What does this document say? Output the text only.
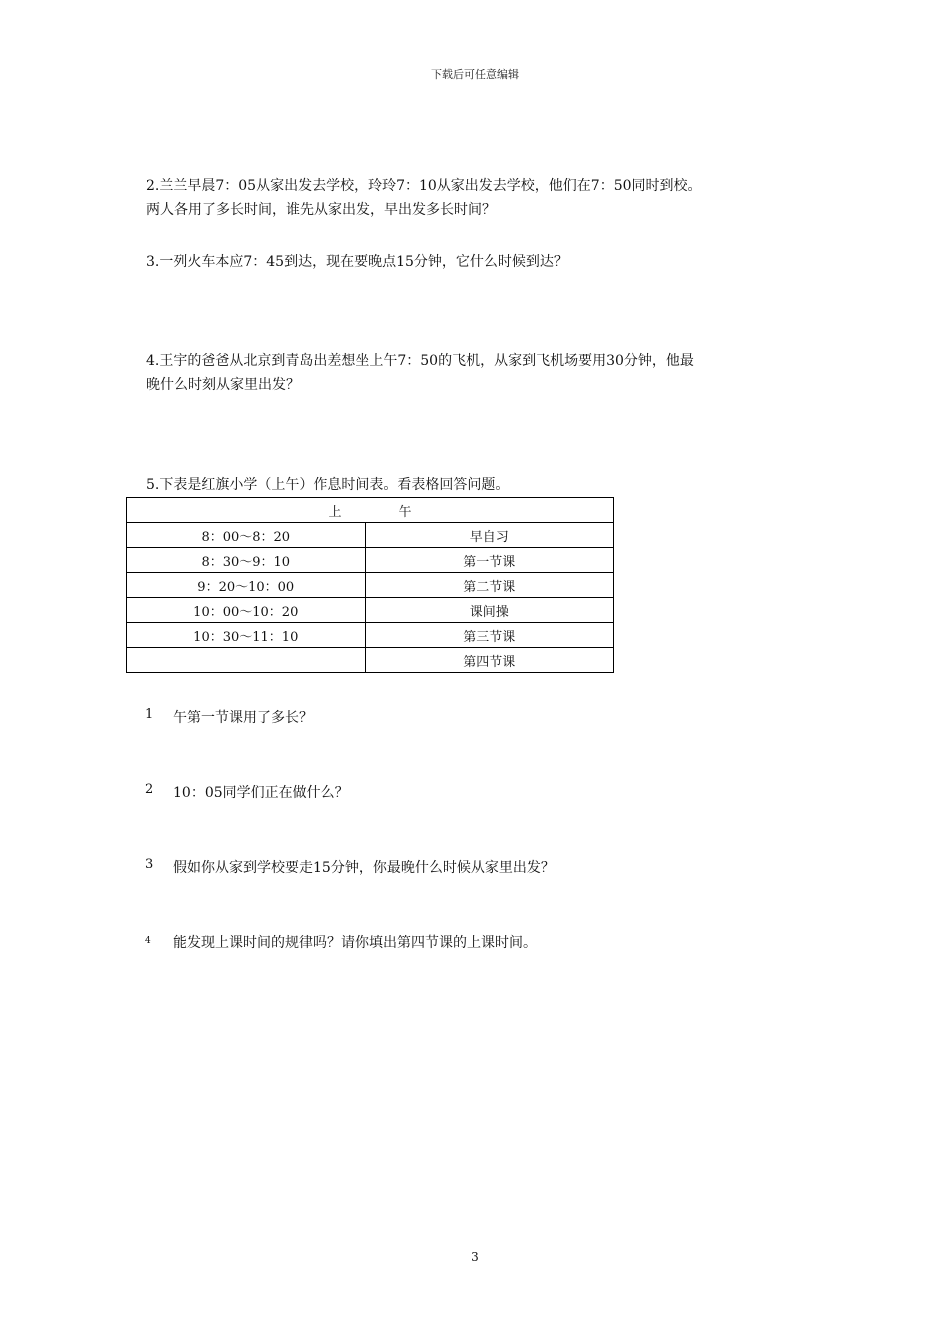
下载后可任意编辑
2.兰兰早晨7：05从家出发去学校，玲玲7：10从家出发去学校，他们在7：50同时到校。
两人各用了多长时间，谁先从家出发，早出发多长时间？
3.一列火车本应7：45到达，现在要晚点15分钟，它什么时候到达？
4.王宇的爸爸从北京到青岛出差想坐上午7：50的飞机，从家到飞机场要用30分钟，他最
晚什么时刻从家里出发？
5.下表是红旗小学（上午）作息时间表。看表格回答问题。
上 午	
8：00～8：20	早自习
8：30～9：10	第一节课
9：20～10：00	第二节课
10：00～10：20	课间操
10：30～11：10	第三节课
	第四节课
1 午第一节课用了多长？
2 10：05同学们正在做什么？
3 假如你从家到学校要走15分钟，你最晚什么时候从家里出发？
4 能发现上课时间的规律吗？请你填出第四节课的上课时间。
3
